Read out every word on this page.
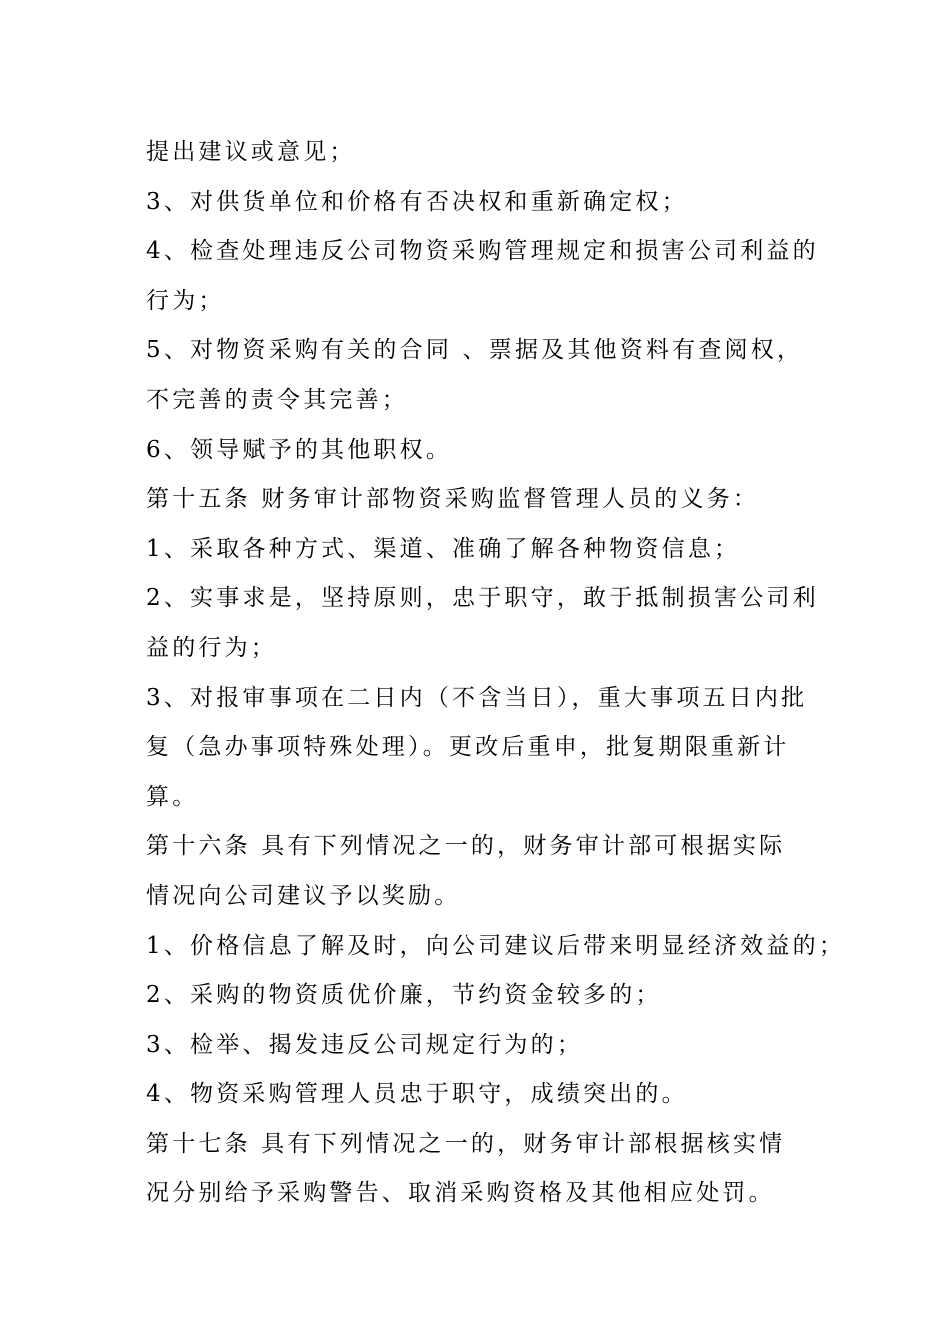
提出建议或意见；
3、对供货单位和价格有否决权和重新确定权；
4、检查处理违反公司物资采购管理规定和损害公司利益的
行为；
5、对物资采购有关的合同 、票据及其他资料有查阅权，
不完善的责令其完善；
6、领导赋予的其他职权。
第十五条 财务审计部物资采购监督管理人员的义务：
1、采取各种方式、渠道、准确了解各种物资信息；
2、实事求是，坚持原则，忠于职守，敢于抵制损害公司利
益的行为；
3、对报审事项在二日内（不含当日），重大事项五日内批
复（急办事项特殊处理）。更改后重申，批复期限重新计
算。
第十六条 具有下列情况之一的，财务审计部可根据实际
情况向公司建议予以奖励。
1、价格信息了解及时，向公司建议后带来明显经济效益的；
2、采购的物资质优价廉，节约资金较多的；
3、检举、揭发违反公司规定行为的；
4、物资采购管理人员忠于职守，成绩突出的。
第十七条 具有下列情况之一的，财务审计部根据核实情
况分别给予采购警告、取消采购资格及其他相应处罚。
